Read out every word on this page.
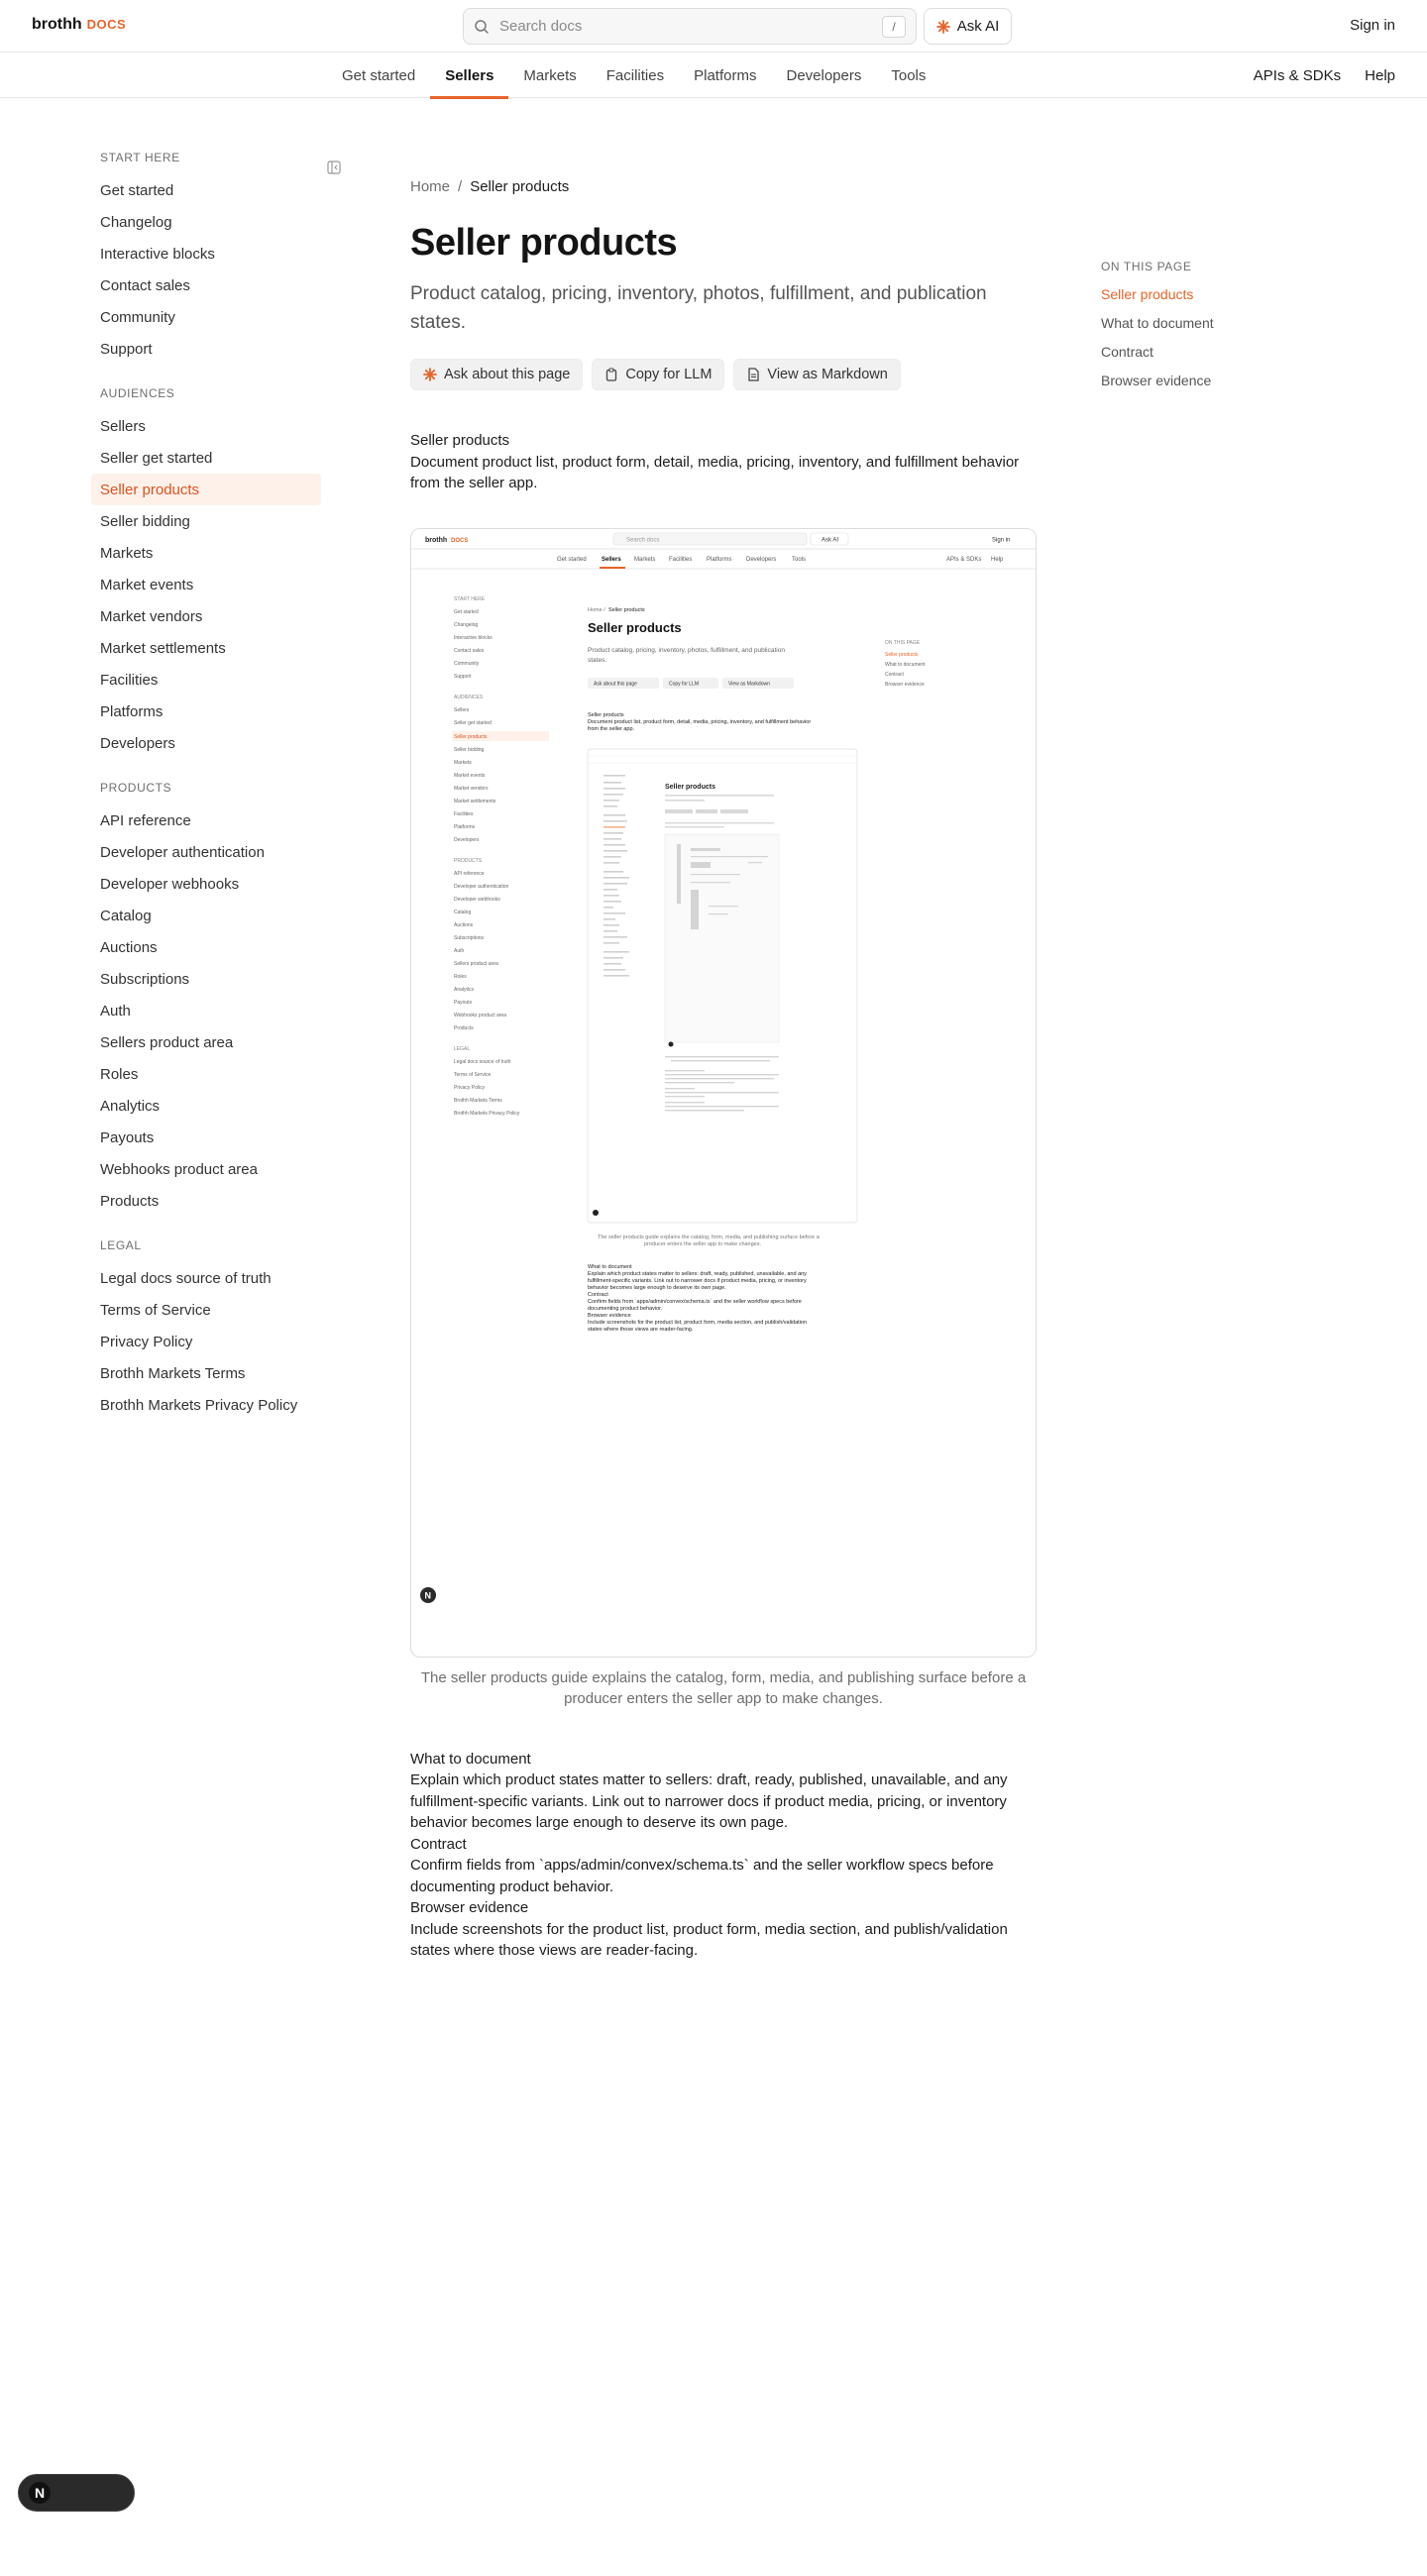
brothh DOCS
Search docs	/	Ask AI	Sign in
Get started	Sellers	Markets	Facilities	Platforms	Developers	Tools	APIs & SDKs	Help
START HERE
Get started
Changelog
Interactive blocks
Contact sales
Community
Support
AUDIENCES
Sellers
Seller get started
Seller products
Seller bidding
Markets
Market events
Market vendors
Market settlements
Facilities
Platforms
Developers
PRODUCTS
API reference
Developer authentication
Developer webhooks
Catalog
Auctions
Subscriptions
Auth
Sellers product area
Roles
Analytics
Payouts
Webhooks product area
Products
LEGAL
Legal docs source of truth
Terms of Service
Privacy Policy
Brothh Markets Terms
Brothh Markets Privacy Policy
Home / Seller products
Seller products

Product catalog, pricing, inventory, photos, fulfillment, and publication states.

Ask about this page	Copy for LLM	View as Markdown
Seller products
Document product list, product form, detail, media, pricing, inventory, and fulfillment behavior from the seller app.
brothh DOCS	Search docs	Ask AI	Sign in
Get started	Sellers Markets Facilities Platforms Developers	Tools	APIs & SDKs Help
START HERE
Get started
Changelog
Interactive blocks
Contact sales
Community
Support
AUDIENCES
Sellers
Seller get started
Seller products
Seller bidding
Markets
Market events
Market vendors
Market settlements
Facilities
Platforms
Developers
PRODUCTS
API reference
Developer authentication
Developer webhooks
Catalog
Auctions
Subscriptions
Auth
Sellers product area
Roles
Analytics
Payouts
Webhooks product area
Products
LEGAL
Legal docs source of truth
Terms of Service
Privacy Policy
Brothh Markets Terms
Brothh Markets Privacy Policy
Home / Seller products
Seller products
Product catalog, pricing, inventory, photos, fulfillment, and publication
states.
Ask about this page	Copy for LLM	View as Markdown
Seller products
Document product list, product form, detail, media, pricing, inventory, and fulfillment behavior
from the seller app.
Seller products
The seller products guide explains the catalog, form, media, and publishing surface before a
producer enters the seller app to make changes.
What to document
Explain which product states matter to sellers: draft, ready, published, unavailable, and any
fulfillment-specific variants. Link out to narrower docs if product media, pricing, or inventory
behavior becomes large enough to deserve its own page.
Contract
Confirm fields from `apps/admin/convex/schema.ts` and the seller workflow specs before
documenting product behavior.
Browser evidence
Include screenshots for the product list, product form, media section, and publish/validation
states where those views are reader-facing.
ON THIS PAGE
Seller products
What to document
Contract
Browser evidence
N

The seller products guide explains the catalog, form, media, and publishing surface before a producer enters the seller app to make changes.

What to document
Explain which product states matter to sellers: draft, ready, published, unavailable, and any fulfillment-specific variants. Link out to narrower docs if product media, pricing, or inventory behavior becomes large enough to deserve its own page.
Contract
Confirm fields from `apps/admin/convex/schema.ts` and the seller workflow specs before documenting product behavior.
Browser evidence
Include screenshots for the product list, product form, media section, and publish/validation states where those views are reader-facing.
ON THIS PAGE
Seller products
What to document
Contract
Browser evidence
N
